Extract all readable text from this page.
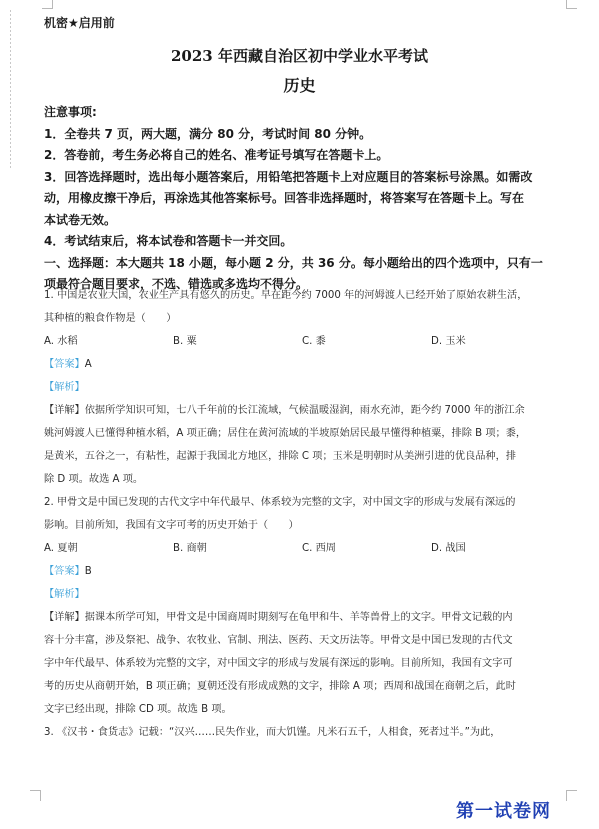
机密★启用前
2023 年西藏自治区初中学业水平考试
历史

注意事项:

1．全卷共 7 页，两大题，满分 80 分，考试时间 80 分钟。

2．答卷前，考生务必将自己的姓名、准考证号填写在答题卡上。

3．回答选择题时，选出每小题答案后，用铅笔把答题卡上对应题目的答案标号涂黑。如需改

动，用橡皮擦干净后，再涂选其他答案标号。回答非选择题时，将答案写在答题卡上。写在

本试卷无效。

4．考试结束后，将本试卷和答题卡一并交回。

一、选择题：本大题共 18 小题，每小题 2 分，共 36 分。每小题给出的四个选项中，只有一

项最符合题目要求，不选、错选或多选均不得分。

1. 中国是农业大国，农业生产具有悠久的历史。早在距今约 7000 年的河姆渡人已经开始了原始农耕生活，

其种植的粮食作物是（　　）

A. 水稻	B. 粟	C. 黍	D. 玉米

【答案】A

【解析】

【详解】依据所学知识可知，七八千年前的长江流域，气候温暖湿润，雨水充沛，距今约 7000 年的浙江余

姚河姆渡人已懂得种植水稻，A 项正确；居住在黄河流域的半坡原始居民最早懂得种植粟，排除 B 项；黍，

是黄米，五谷之一，有粘性，起源于我国北方地区，排除 C 项；玉米是明朝时从美洲引进的优良品种，排

除 D 项。故选 A 项。

2. 甲骨文是中国已发现的古代文字中年代最早、体系较为完整的文字，对中国文字的形成与发展有深远的

影响。目前所知，我国有文字可考的历史开始于（　　）

A. 夏朝	B. 商朝	C. 西周	D. 战国

【答案】B

【解析】

【详解】据课本所学可知，甲骨文是中国商周时期刻写在龟甲和牛、羊等兽骨上的文字。甲骨文记载的内

容十分丰富，涉及祭祀、战争、农牧业、官制、刑法、医药、天文历法等。甲骨文是中国已发现的古代文

字中年代最早、体系较为完整的文字，对中国文字的形成与发展有深远的影响。目前所知，我国有文字可

考的历史从商朝开始，B 项正确；夏朝还没有形成成熟的文字，排除 A 项；西周和战国在商朝之后，此时

文字已经出现，排除 CD 项。故选 B 项。

3. 《汉书・食货志》记载：“汉兴……民失作业，而大饥馑。凡米石五千，人相食，死者过半。”为此，

第一试卷网
